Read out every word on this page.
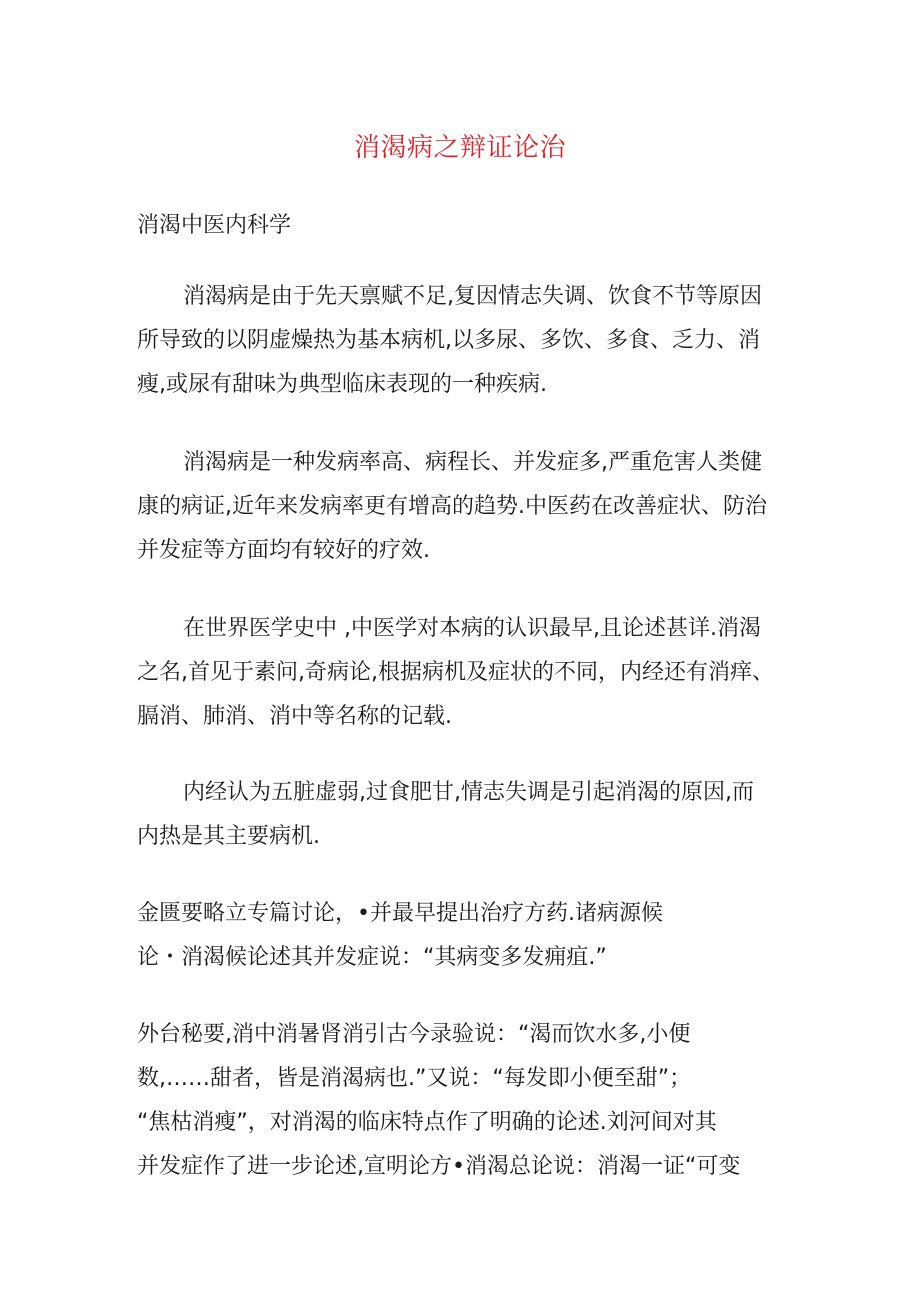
消渴病之辩证论治
消渴中医内科学

消渴病是由于先天禀赋不足,复因情志失调、饮食不节等原因
所导致的以阴虚燥热为基本病机,以多尿、多饮、多食、乏力、消
瘦,或尿有甜味为典型临床表现的一种疾病.

消渴病是一种发病率高、病程长、并发症多,严重危害人类健
康的病证,近年来发病率更有增高的趋势.中医药在改善症状、防治
并发症等方面均有较好的疗效.

在世界医学史中 ,中医学对本病的认识最早,且论述甚详.消渴
之名,首见于素问,奇病论,根据病机及症状的不同，内经还有消痒、
膈消、肺消、消中等名称的记载.

内经认为五脏虚弱,过食肥甘,情志失调是引起消渴的原因,而
内热是其主要病机.

金匮要略立专篇讨论，•并最早提出治疗方药.诸病源候
论・消渴候论述其并发症说：“其病变多发痈疽.”

外台秘要,消中消暑肾消引古今录验说：“渴而饮水多,小便
数,……甜者，皆是消渴病也.”又说：“每发即小便至甜”；
“焦枯消瘦”，对消渴的临床特点作了明确的论述.刘河间对其
并发症作了进一步论述,宣明论方•消渴总论说：消渴一证“可变
